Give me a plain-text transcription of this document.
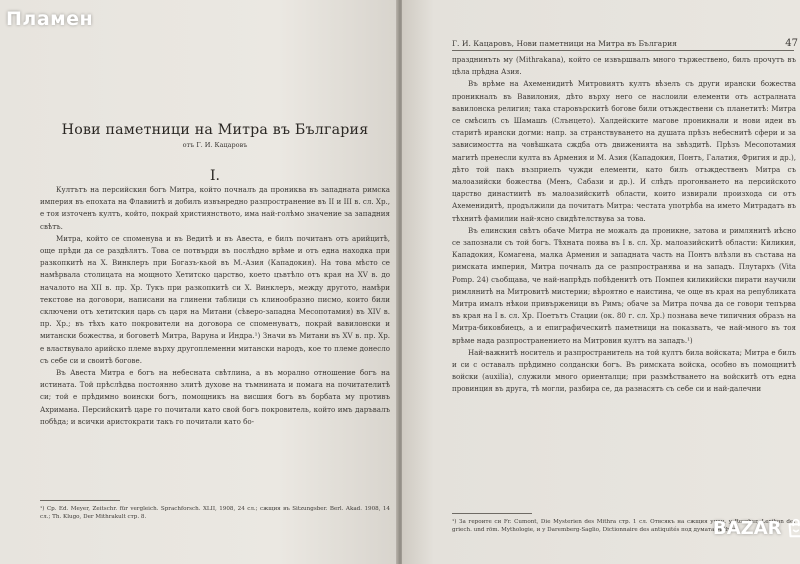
Нови паметници на Митра въ България
отъ Г. И. Кацаровъ
I.

Култътъ на персийския богъ Митра, който почналъ да прониква въ западната римска империя въ епохата на Флавиитѣ и добилъ извънредно разпространение въ II и III в. сл. Хр., е тоя източенъ култъ, който, покрай християнството, има най-голѣмо значение за западния свѣтъ.

Митра, който се споменува и въ Ведитѣ и въ Авеста, е билъ почитанъ отъ арийцитѣ, още прѣди да се раздѣлятъ. Това се потвърди въ послѣдно врѣме и отъ една находка при разкопкитѣ на Х. Винклеръ при Богазъ-кьой въ М.-Азия (Кападокия). На това мѣсто се намѣрвала столицата на мощното Хетитско царство, което цъвтѣло отъ края на XV в. до началото на XII в. пр. Хр. Тукъ при разкопкитѣ си Х. Винклеръ, между другото, намѣри текстове на договори, написани на глинени таблици съ клинообразно писмо, които били сключени отъ хетитския царь съ царя на Митани (сѣверо-западна Месопотамия) въ XIV в. пр. Хр.; въ тѣхъ като покровители на договора се споменуватъ, покрай вавилонски и митански божества, и боговетѣ Митра, Варуна и Индра.¹) Значи въ Митани въ XV в. пр. Хр. е властвувало арийско племе върху другоплеменни митански народъ, кое то племе донесло съ себе си и своитѣ богове.

Въ Авеста Митра е богъ на небесната свѣтлина, а въ морално отношение богъ на истината. Той прѣслѣдва постоянно злитѣ духове на тъмнината и помага на почитателитѣ си; той е прѣдимно воински богъ, помощникъ на висшия богъ въ борбата му противъ Ахримана. Персийскитѣ царе го почитали като свой богъ покровитель, който имъ даръвалъ побѣда; и всички аристократи такъ го почитали като бо-

¹) Ср. Ed. Meyer, Zeitschr. für vergleich. Sprachforsch. XLII, 1908, 24 сл.; сжщия въ Sitzungsber. Berl. Akad. 1908, 14 сл.; Th. Klugo, Der Mithrakult стр. 8.

Г. И. Кацаровъ, Нови паметници на Митра въ България	47

празднинъть му (Mithrakana), който се извършвалъ много тържествено, билъ прочутъ въ цѣла прѣдна Азия.

Въ врѣме на Ахеменидитѣ Митровиятъ култъ вѣзелъ съ други ирански божества проникналъ въ Вавилония, дѣто върху него се наслоили елементи отъ астралната вавилонска религия; така старовърскитѣ богове били отъждествени съ планетитѣ: Митра се смѣсилъ съ Шамашъ (Слънцето). Халдейските магове проникнали и нови идеи въ старитѣ ирански догми: напр. за странствуването на душата прѣзъ небеснитѣ сфери и за зависимостта на човѣшката сждба отъ движенията на звѣздитѣ. Прѣзъ Месопотамия магитѣ пренесли култа въ Армения и М. Азия (Кападокия, Понтъ, Галатия, Фригия и др.), дѣто той пакъ възприелъ чужди елементи, катo билъ отъждественъ Митра съ малоазийски божества (Менъ, Сабази и др.). И слѣдъ прогонването на персийското царство династиитѣ въ малоазийскитѣ области, които извирали произхода си отъ Ахеменидитѣ, продължили да почитатъ Митра: честата употрѣба на името Митрадатъ въ тѣхнитѣ фамилии най-ясно свидѣтелствува за това.

Въ елинския свѣтъ обаче Митра не можалъ да проникне, затова и римлянитѣ иѣсно се запознали съ той богъ. Тѣхната поява въ I в. сл. Хр. малоазийскитѣ области: Киликия, Кападокия, Комагена, малка Армения и западната часть на Понтъ влѣзли въ състава на римската империя, Митра почналъ да се разпространява и на западъ. Плутархъ (Vita Pomp. 24) съобщава, че най-напрѣдъ побѣденитѣ отъ Помпея киликийски пирати научили римлянитѣ на Митровитѣ мистерии; вѣроятно е наистина, че още въ края на републиката Митра ималъ нѣкои привърженици въ Римъ; обаче за Митра почва да се говори тепърва въ края на I в. сл. Хр. Поетътъ Стации (ок. 80 г. сл. Хр.) познава вече типичния образъ на Митра-биковбиецъ, а и епиграфическитѣ паметници на показватъ, че най-много въ тоя врѣме нада разпространението на Митровия култъ на западъ.¹)

Най-важнитѣ носитель и разпространитель на той култъ била войската; Митра е билъ и си с оставалъ прѣдимно солдански богъ. Въ римската войска, особно въ помощнитѣ войски (auxilia), служили много ориенталци; при размѣстването на войскитѣ отъ една провинция въ друга, тѣ могли, разбира се, да разнасятъ съ себе си и най-далечни

¹) За героите си Fr. Cumont, Die Mysterien des Mithra стр. 1 сл. Отвсякъ на сжщия учен. у Roscher, Lexikon der griech. und röm. Mythologie, и у Daremberg-Saglio, Dictionnaire des antiquités под думата Mithra.

Пламен
BAZAR
